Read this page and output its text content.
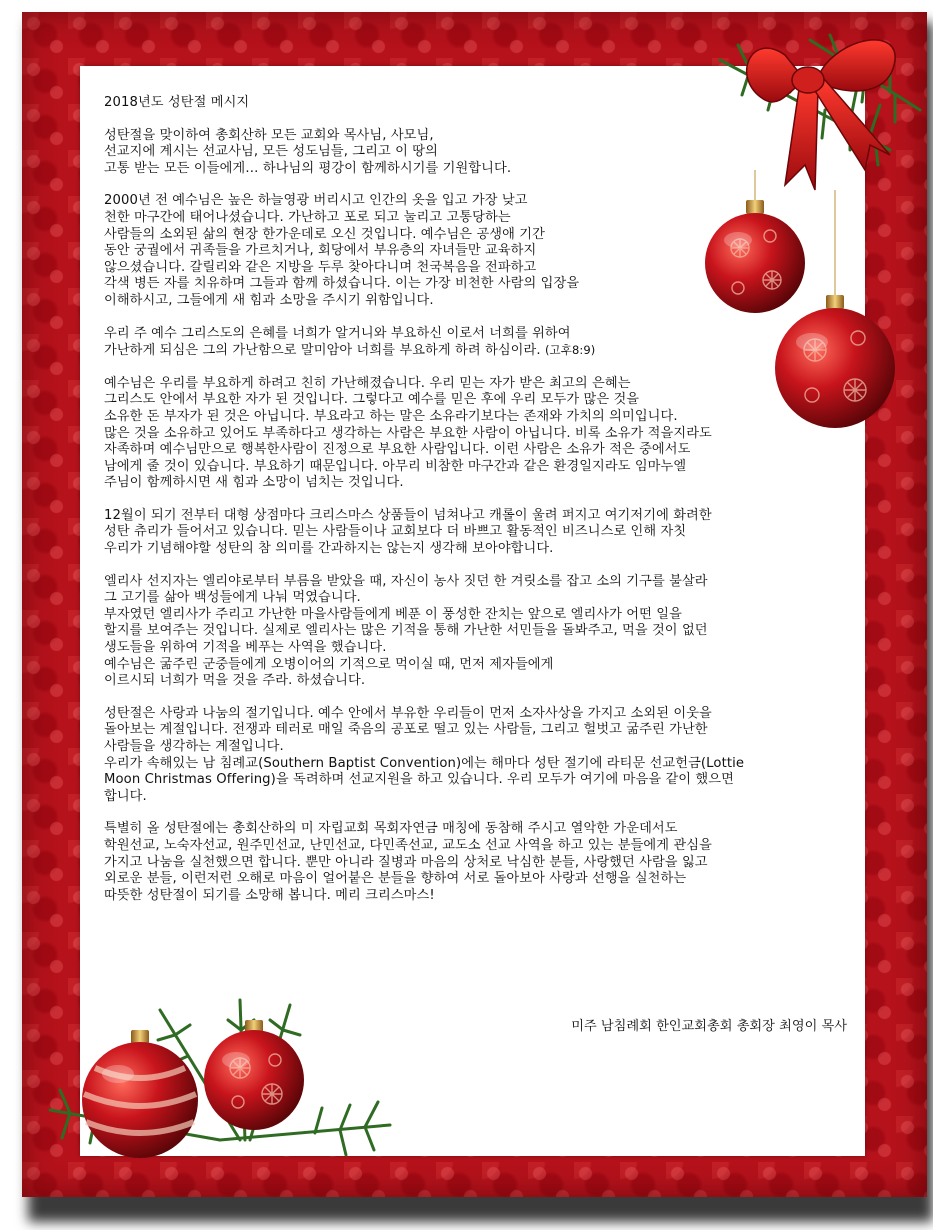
2018년도 성탄절 메시지
성탄절을 맞이하여 총회산하 모든 교회와 목사님, 사모님,
선교지에 계시는 선교사님, 모든 성도님들, 그리고 이 땅의
고통 받는 모든 이들에게… 하나님의 평강이 함께하시기를 기원합니다.
2000년 전 예수님은 높은 하늘영광 버리시고 인간의 옷을 입고 가장 낮고
천한 마구간에 태어나셨습니다. 가난하고 포로 되고 눌리고 고통당하는
사람들의 소외된 삶의 현장 한가운데로 오신 것입니다. 예수님은 공생애 기간
동안 궁궐에서 귀족들을 가르치거나, 회당에서 부유층의 자녀들만 교육하지
않으셨습니다. 갈릴리와 같은 지방을 두루 찾아다니며 천국복음을 전파하고
각색 병든 자를 치유하며 그들과 함께 하셨습니다. 이는 가장 비천한 사람의 입장을
이해하시고, 그들에게 새 힘과 소망을 주시기 위함입니다.
우리 주 예수 그리스도의 은혜를 너희가 알거니와 부요하신 이로서 너희를 위하여
가난하게 되심은 그의 가난함으로 말미암아 너희를 부요하게 하려 하심이라. (고후8:9)
예수님은 우리를 부요하게 하려고 친히 가난해졌습니다. 우리 믿는 자가 받은 최고의 은혜는
그리스도 안에서 부요한 자가 된 것입니다. 그렇다고 예수를 믿은 후에 우리 모두가 많은 것을
소유한 돈 부자가 된 것은 아닙니다. 부요라고 하는 말은 소유라기보다는 존재와 가치의 의미입니다.
많은 것을 소유하고 있어도 부족하다고 생각하는 사람은 부요한 사람이 아닙니다. 비록 소유가 적을지라도
자족하며 예수님만으로 행복한사람이 진정으로 부요한 사람입니다. 이런 사람은 소유가 적은 중에서도
남에게 줄 것이 있습니다. 부요하기 때문입니다. 아무리 비참한 마구간과 같은 환경일지라도 임마누엘
주님이 함께하시면 새 힘과 소망이 넘치는 것입니다.
12월이 되기 전부터 대형 상점마다 크리스마스 상품들이 넘쳐나고 캐롤이 울려 퍼지고 여기저기에 화려한
성탄 츄리가 들어서고 있습니다. 믿는 사람들이나 교회보다 더 바쁘고 활동적인 비즈니스로 인해 자칫
우리가 기념해야할 성탄의 참 의미를 간과하지는 않는지 생각해 보아야합니다.
엘리사 선지자는 엘리야로부터 부름을 받았을 때, 자신이 농사 짓던 한 겨릿소를 잡고 소의 기구를 불살라
그 고기를 삶아 백성들에게 나눠 먹였습니다.
부자였던 엘리사가 주리고 가난한 마을사람들에게 베푼 이 풍성한 잔치는 앞으로 엘리사가 어떤 일을
할지를 보여주는 것입니다. 실제로 엘리사는 많은 기적을 통해 가난한 서민들을 돌봐주고, 먹을 것이 없던
생도들을 위하여 기적을 베푸는 사역을 했습니다.
예수님은 굶주린 군중들에게 오병이어의 기적으로 먹이실 때, 먼저 제자들에게
이르시되 너희가 먹을 것을 주라. 하셨습니다.
성탄절은 사랑과 나눔의 절기입니다. 예수 안에서 부유한 우리들이 먼저 소자사상을 가지고 소외된 이웃을
돌아보는 계절입니다. 전쟁과 테러로 매일 죽음의 공포로 떨고 있는 사람들, 그리고 헐벗고 굶주린 가난한
사람들을 생각하는 계절입니다.
우리가 속해있는 남 침례교(Southern Baptist Convention)에는 해마다 성탄 절기에 라티문 선교헌금(Lottie
Moon Christmas Offering)을 독려하며 선교지원을 하고 있습니다. 우리 모두가 여기에 마음을 같이 했으면
합니다.
특별히 올 성탄절에는 총회산하의 미 자립교회 목회자연금 매칭에 동참해 주시고 열악한 가운데서도
학원선교, 노숙자선교, 원주민선교, 난민선교, 다민족선교, 교도소 선교 사역을 하고 있는 분들에게 관심을
가지고 나눔을 실천했으면 합니다. 뿐만 아니라 질병과 마음의 상처로 낙심한 분들, 사랑했던 사람을 잃고
외로운 분들, 이런저런 오해로 마음이 얼어붙은 분들을 향하여 서로 돌아보아 사랑과 선행을 실천하는
따뜻한 성탄절이 되기를 소망해 봅니다. 메리 크리스마스!
미주 남침례회 한인교회총회 총회장 최영이 목사
